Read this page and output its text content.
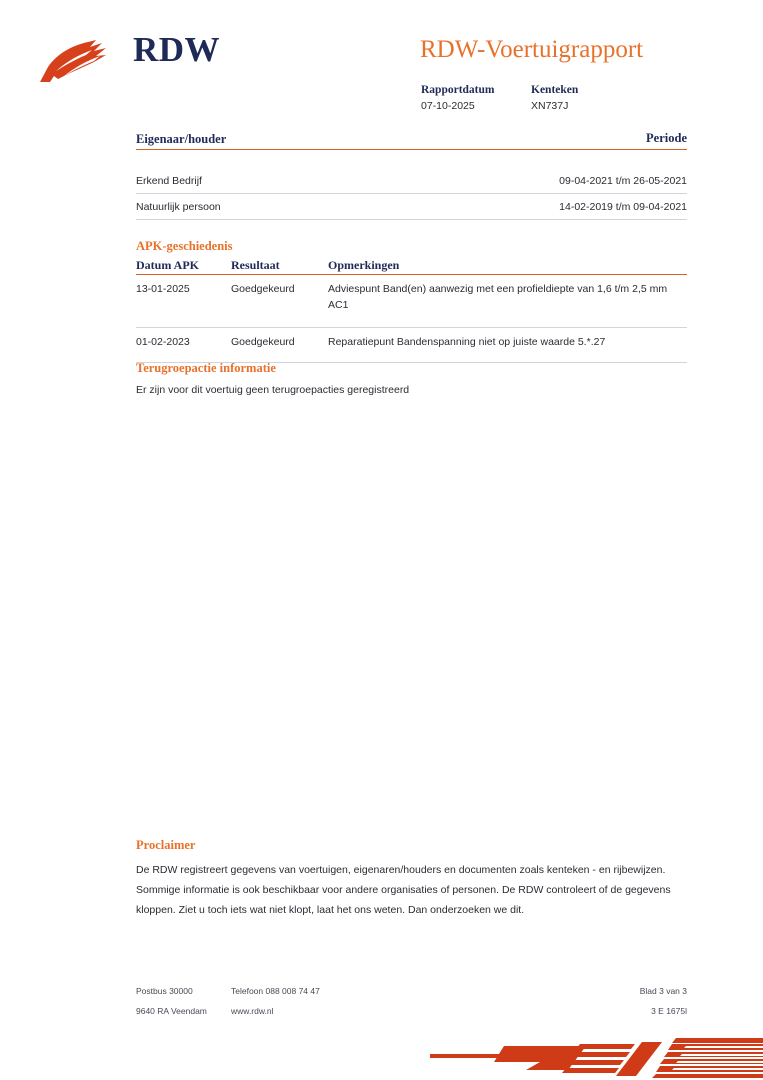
RDW	RDW-Voertuigrapport
Rapportdatum
07-10-2025
Kenteken
XN737J
Eigenaar/houder	Periode
Erkend Bedrijf	09-04-2021 t/m 26-05-2021
Natuurlijk persoon	14-02-2019 t/m 09-04-2021
APK-geschiedenis
Datum APK	Resultaat	Opmerkingen
13-01-2025	Goedgekeurd	Adviespunt Band(en) aanwezig met een profieldiepte van 1,6 t/m 2,5 mm AC1
01-02-2023	Goedgekeurd	Reparatiepunt Bandenspanning niet op juiste waarde 5.*.27
Terugroepactie informatie
Er zijn voor dit voertuig geen terugroepacties geregistreerd
Proclaimer
De RDW registreert gegevens van voertuigen, eigenaren/houders en documenten zoals kenteken - en rijbewijzen. Sommige informatie is ook beschikbaar voor andere organisaties of personen. De RDW controleert of de gegevens kloppen. Ziet u toch iets wat niet klopt, laat het ons weten. Dan onderzoeken we dit.
Postbus 30000	Telefoon 088 008 74 47	Blad 3 van 3
9640 RA Veendam	www.rdw.nl	3 E 1675l
